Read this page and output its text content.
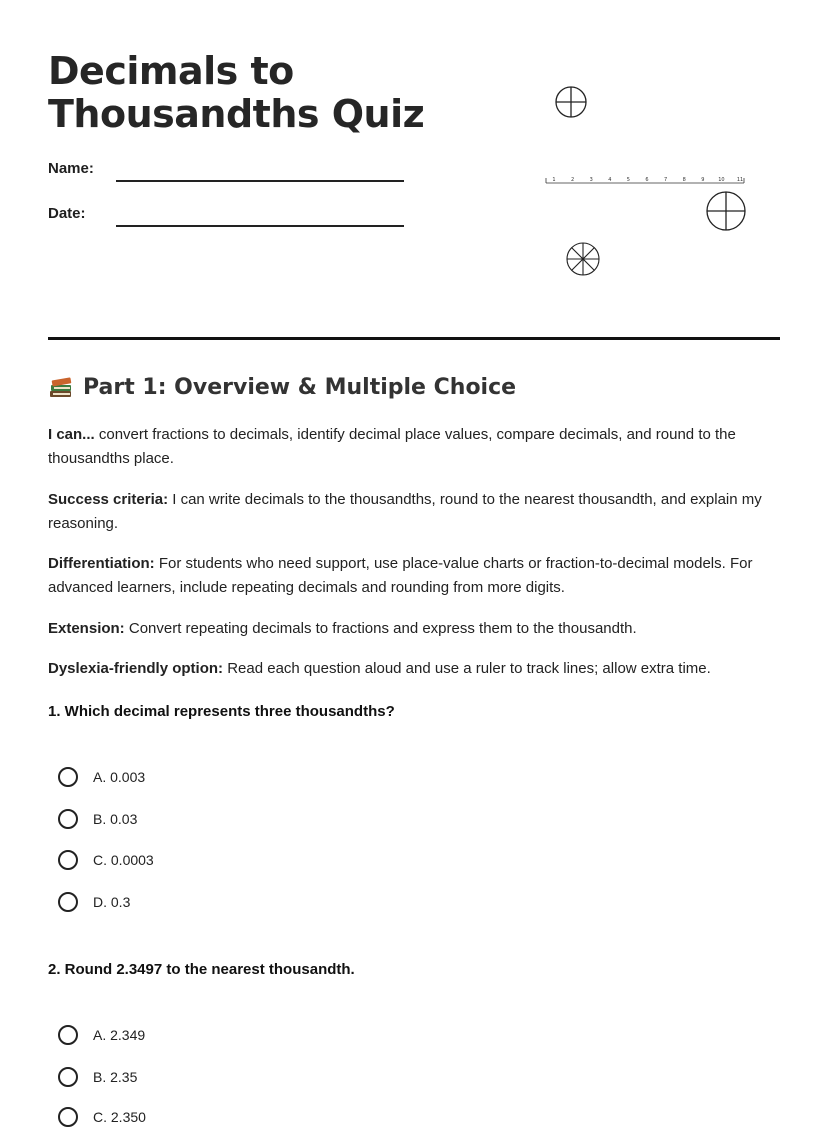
Decimals to Thousandths Quiz
Name:
Date:
1	2	3	4	5	6	7	8	9	10 11
Part 1: Overview & Multiple Choice

I can... convert fractions to decimals, identify decimal place values, compare decimals, and round to the thousandths place.

Success criteria: I can write decimals to the thousandths, round to the nearest thousandth, and explain my reasoning.

Differentiation: For students who need support, use place-value charts or fraction-to-decimal models. For advanced learners, include repeating decimals and rounding from more digits.

Extension: Convert repeating decimals to fractions and express them to the thousandth.

Dyslexia-friendly option: Read each question aloud and use a ruler to track lines; allow extra time.

1. Which decimal represents three thousandths?

A. 0.003
B. 0.03
C. 0.0003
D. 0.3

2. Round 2.3497 to the nearest thousandth.

A. 2.349
B. 2.35
C. 2.350
